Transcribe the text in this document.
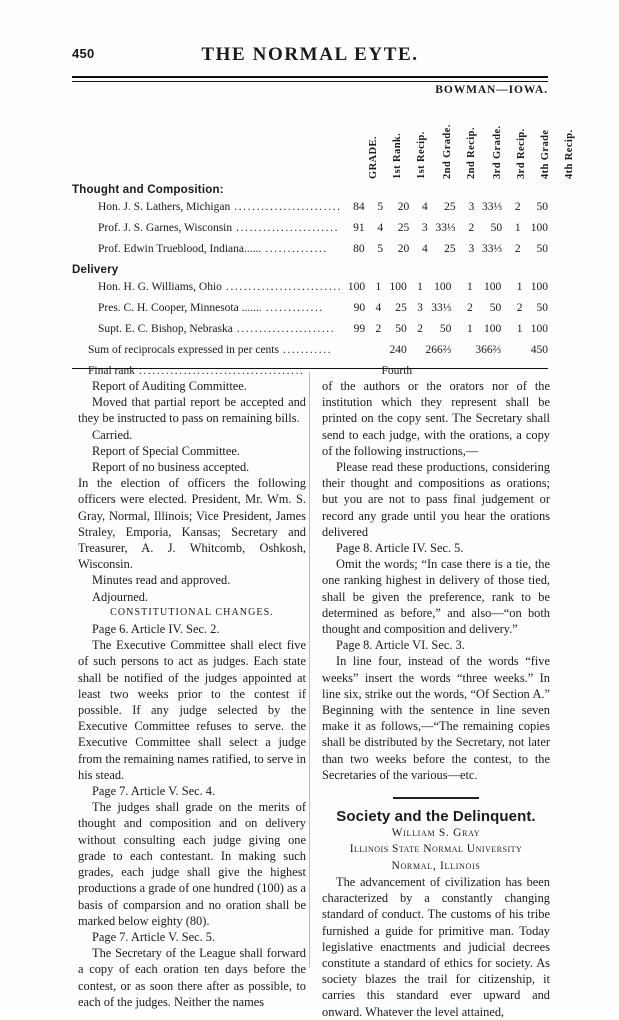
450	THE NORMAL EYTE.
BOWMAN—IOWA.
GRADE. 1st Rank. 1st Recip. 2nd Grade. 2nd Recip. 3rd Grade. 3rd Recip. 4th Grade 4th Recip.
Thought and Composition:
Hon. J. S. Lathers, Michigan ........................	84	5	20	4	25	3	33⅓	2	50
Prof. J. S. Garnes, Wisconsin .......................	91	4	25	3	33⅓	2	50	1	100
Prof. Edwin Trueblood, Indiana...... ..............	80	5	20	4	25	3	33⅓	2	50
Delivery
Hon. H. G. Williams, Ohio ..........................	100	1	100	1	100	1	100	1	100
Pres. C. H. Cooper, Minnesota ....... .............	90	4	25	3	33⅓	2	50	2	50
Supt. E. C. Bishop, Nebraska ......................	99	2	50	2	50	1	100	1	100
Sum of reciprocals expressed in per cents ...........			240		266⅔		366⅔		450
Final rank .....................................	Fourth								

Report of Auditing Committee.

Moved that partial report be accepted and they be instructed to pass on remaining bills.

Carried.

Report of Special Committee.

Report of no business accepted.

In the election of officers the following officers were elected. President, Mr. Wm. S. Gray, Normal, Illinois; Vice President, James Straley, Emporia, Kansas; Secretary and Treasurer, A. J. Whitcomb, Oshkosh, Wisconsin.

Minutes read and approved.

Adjourned.

CONSTITUTIONAL CHANGES.

Page 6. Article IV. Sec. 2.

The Executive Committee shall elect five of such persons to act as judges. Each state shall be notified of the judges appointed at least two weeks prior to the contest if possible. If any judge selected by the Executive Committee refuses to serve. the Executive Committee shall select a judge from the remaining names ratified, to serve in his stead.

Page 7. Article V. Sec. 4.

The judges shall grade on the merits of thought and composition and on delivery without consulting each judge giving one grade to each contestant. In making such grades, each judge shall give the highest productions a grade of one hundred (100) as a basis of comparsion and no oration shall be marked below eighty (80).

Page 7. Article V. Sec. 5.

The Secretary of the League shall forward a copy of each oration ten days before the contest, or as soon there after as possible, to each of the judges. Neither the names

of the authors or the orators nor of the institution which they represent shall be printed on the copy sent. The Secretary shall send to each judge, with the orations, a copy of the following instructions,—

Please read these productions, considering their thought and compositions as orations; but you are not to pass final judgement or record any grade until you hear the orations delivered

Page 8. Article IV. Sec. 5.

Omit the words; “In case there is a tie, the one ranking highest in delivery of those tied, shall be given the preference, rank to be determined as before,” and also—“on both thought and composition and delivery.”

Page 8. Article VI. Sec. 3.

In line four, instead of the words “five weeks” insert the words “three weeks.” In line six, strike out the words, “Of Section A.” Beginning with the sentence in line seven make it as follows,—“The remaining copies shall be distributed by the Secretary, not later than two weeks before the contest, to the Secretaries of the various—etc.

Society and the Delinquent.

William S. Gray

Illinois State Normal University

Normal, Illinois

The advancement of civilization has been characterized by a constantly changing standard of conduct. The customs of his tribe furnished a guide for primitive man. Today legislative enactments and judicial decrees constitute a standard of ethics for society. As society blazes the trail for citizenship, it carries this standard ever upward and onward. Whatever the level attained,
